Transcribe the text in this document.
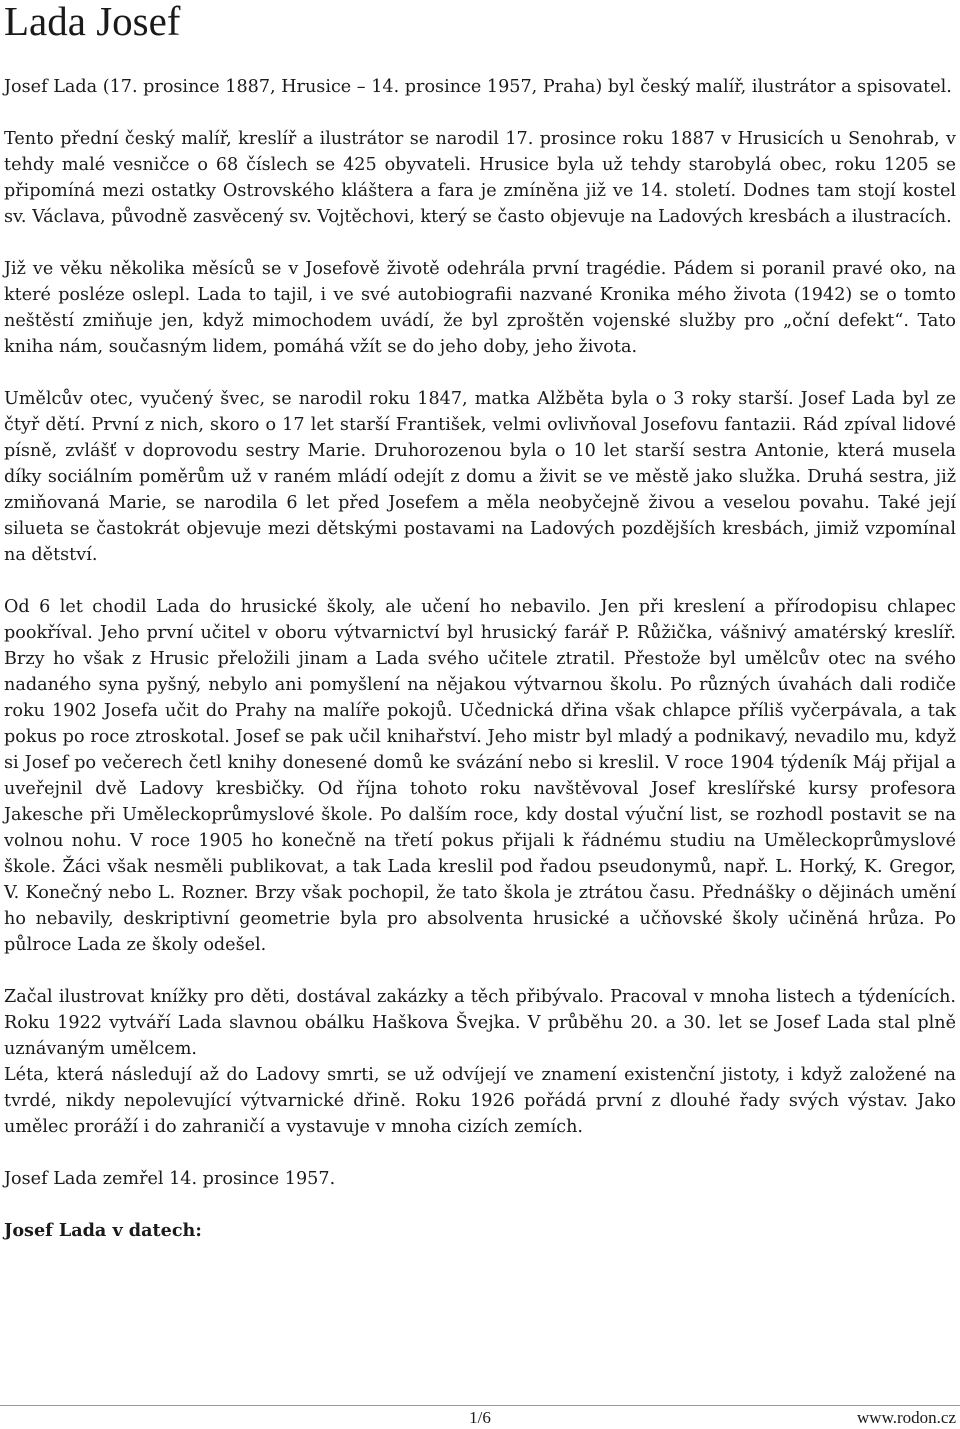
Lada Josef

Josef Lada (17. prosince 1887, Hrusice – 14. prosince 1957, Praha) byl český malíř, ilustrátor a spisovatel.

Tento přední český malíř, kreslíř a ilustrátor se narodil 17. prosince roku 1887 v Hrusicích u Senohrab, v tehdy malé vesničce o 68 číslech se 425 obyvateli. Hrusice byla už tehdy starobylá obec, roku 1205 se připomíná mezi ostatky Ostrovského kláštera a fara je zmíněna již ve 14. století. Dodnes tam stojí kostel sv. Václava, původně zasvěcený sv. Vojtěchovi, který se často objevuje na Ladových kresbách a ilustracích.

Již ve věku několika měsíců se v Josefově životě odehrála první tragédie. Pádem si poranil pravé oko, na které posléze oslepl. Lada to tajil, i ve své autobiografii nazvané Kronika mého života (1942) se o tomto neštěstí zmiňuje jen, když mimochodem uvádí, že byl zproštěn vojenské služby pro „oční defekt“. Tato kniha nám, současným lidem, pomáhá vžít se do jeho doby, jeho života.

Umělcův otec, vyučený švec, se narodil roku 1847, matka Alžběta byla o 3 roky starší. Josef Lada byl ze čtyř dětí. První z nich, skoro o 17 let starší František, velmi ovlivňoval Josefovu fantazii. Rád zpíval lidové písně, zvlášť v doprovodu sestry Marie. Druhorozenou byla o 10 let starší sestra Antonie, která musela díky sociálním poměrům už v raném mládí odejít z domu a živit se ve městě jako služka. Druhá sestra, již zmiňovaná Marie, se narodila 6 let před Josefem a měla neobyčejně živou a veselou povahu. Také její silueta se častokrát objevuje mezi dětskými postavami na Ladových pozdějších kresbách, jimiž vzpomínal na dětství.

Od 6 let chodil Lada do hrusické školy, ale učení ho nebavilo. Jen při kreslení a přírodopisu chlapec pookříval. Jeho první učitel v oboru výtvarnictví byl hrusický farář P. Růžička, vášnivý amatérský kreslíř. Brzy ho však z Hrusic přeložili jinam a Lada svého učitele ztratil. Přestože byl umělcův otec na svého nadaného syna pyšný, nebylo ani pomyšlení na nějakou výtvarnou školu. Po různých úvahách dali rodiče roku 1902 Josefa učit do Prahy na malíře pokojů. Učednická dřina však chlapce příliš vyčerpávala, a tak pokus po roce ztroskotal. Josef se pak učil knihařství. Jeho mistr byl mladý a podnikavý, nevadilo mu, když si Josef po večerech četl knihy donesené domů ke svázání nebo si kreslil. V roce 1904 týdeník Máj přijal a uveřejnil dvě Ladovy kresbičky. Od října tohoto roku navštěvoval Josef kreslířské kursy profesora Jakesche při Uměleckoprůmyslové škole. Po dalším roce, kdy dostal výuční list, se rozhodl postavit se na volnou nohu. V roce 1905 ho konečně na třetí pokus přijali k řádnému studiu na Uměleckoprůmyslové škole. Žáci však nesměli publikovat, a tak Lada kreslil pod řadou pseudonymů, např. L. Horký, K. Gregor, V. Konečný nebo L. Rozner. Brzy však pochopil, že tato škola je ztrátou času. Přednášky o dějinách umění ho nebavily, deskriptivní geometrie byla pro absolventa hrusické a učňovské školy učiněná hrůza. Po půlroce Lada ze školy odešel.

Začal ilustrovat knížky pro děti, dostával zakázky a těch přibývalo. Pracoval v mnoha listech a týdenících. Roku 1922 vytváří Lada slavnou obálku Haškova Švejka. V průběhu 20. a 30. let se Josef Lada stal plně uznávaným umělcem.

Léta, která následují až do Ladovy smrti, se už odvíjejí ve znamení existenční jistoty, i když založené na tvrdé, nikdy nepolevující výtvarnické dřině. Roku 1926 pořádá první z dlouhé řady svých výstav. Jako umělec proráží i do zahraničí a vystavuje v mnoha cizích zemích.

Josef Lada zemřel 14. prosince 1957.

Josef Lada v datech:

1/6	www.rodon.cz
